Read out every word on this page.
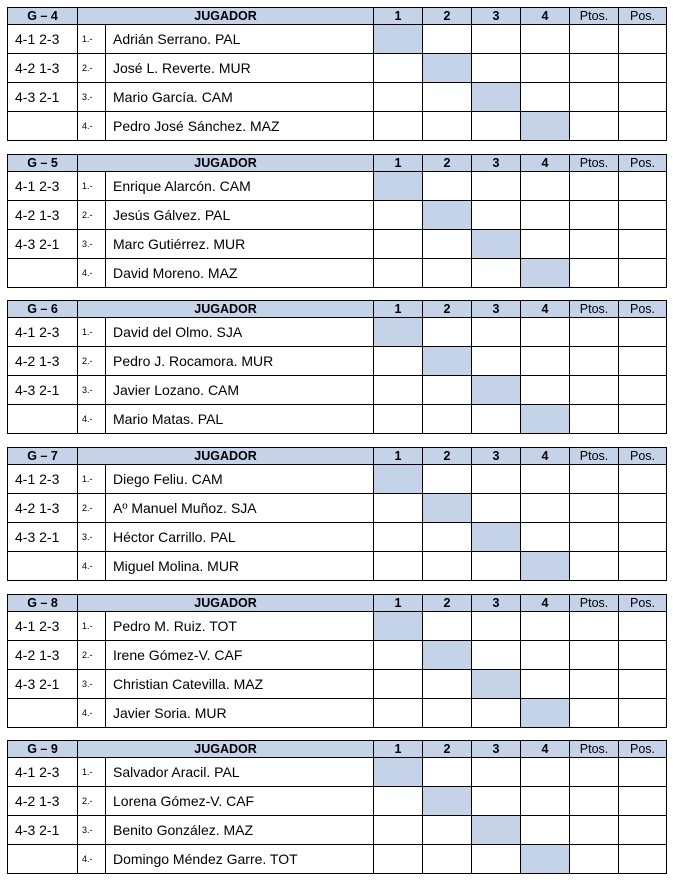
G – 4	JUGADOR		1	2	3	4	Ptos.	Pos.
4-1 2-3	1.-	Adrián Serrano. PAL						
4-2 1-3	2.-	José L. Reverte. MUR						
4-3 2-1	3.-	Mario García. CAM						
	4.-	Pedro José Sánchez. MAZ						
G – 5	JUGADOR		1	2	3	4	Ptos.	Pos.
4-1 2-3	1.-	Enrique Alarcón. CAM						
4-2 1-3	2.-	Jesús Gálvez. PAL						
4-3 2-1	3.-	Marc Gutiérrez. MUR						
	4.-	David Moreno. MAZ						
G – 6	JUGADOR		1	2	3	4	Ptos.	Pos.
4-1 2-3	1.-	David del Olmo. SJA						
4-2 1-3	2.-	Pedro J. Rocamora. MUR						
4-3 2-1	3.-	Javier Lozano. CAM						
	4.-	Mario Matas. PAL						
G – 7	JUGADOR		1	2	3	4	Ptos.	Pos.
4-1 2-3	1.-	Diego Feliu. CAM						
4-2 1-3	2.-	Aº Manuel Muñoz. SJA						
4-3 2-1	3.-	Héctor Carrillo. PAL						
	4.-	Miguel Molina. MUR						
G – 8	JUGADOR		1	2	3	4	Ptos.	Pos.
4-1 2-3	1.-	Pedro M. Ruiz. TOT						
4-2 1-3	2.-	Irene Gómez-V. CAF						
4-3 2-1	3.-	Christian Catevilla. MAZ						
	4.-	Javier Soria. MUR						
G – 9	JUGADOR		1	2	3	4	Ptos.	Pos.
4-1 2-3	1.-	Salvador Aracil. PAL						
4-2 1-3	2.-	Lorena Gómez-V. CAF						
4-3 2-1	3.-	Benito González. MAZ						
	4.-	Domingo Méndez Garre. TOT						
